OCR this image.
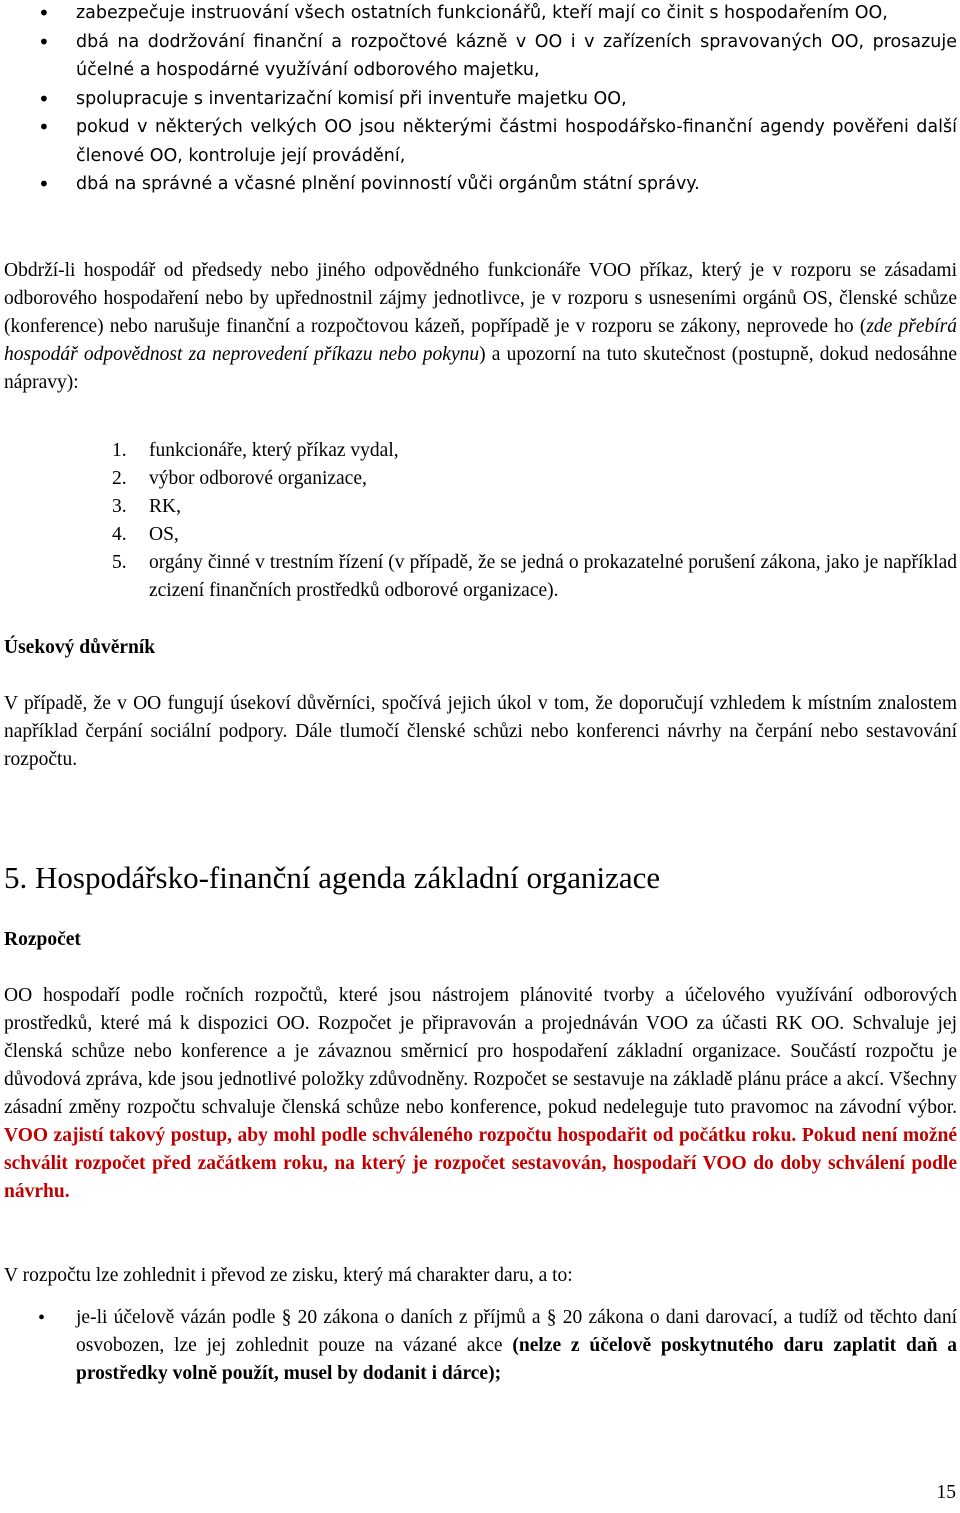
• zabezpečuje instruování všech ostatních funkcionářů, kteří mají co činit s hospodařením OO,
• dbá na dodržování finanční a rozpočtové kázně v OO i v zařízeních spravovaných OO, prosazuje účelné a hospodárné využívání odborového majetku,
• spolupracuje s inventarizační komisí při inventuře majetku OO,
• pokud v některých velkých OO jsou některými částmi hospodářsko-finanční agendy pověřeni další členové OO, kontroluje její provádění,
• dbá na správné a včasné plnění povinností vůči orgánům státní správy.

Obdrží-li hospodář od předsedy nebo jiného odpovědného funkcionáře VOO příkaz, který je v rozporu se zásadami odborového hospodaření nebo by upřednostnil zájmy jednotlivce, je v rozporu s usneseními orgánů OS, členské schůze (konference) nebo narušuje finanční a rozpočtovou kázeň, popřípadě je v rozporu se zákony, neprovede ho (zde přebírá hospodář odpovědnost za neprovedení příkazu nebo pokynu) a upozorní na tuto skutečnost (postupně, dokud nedosáhne nápravy):

1. funkcionáře, který příkaz vydal,
2. výbor odborové organizace,
3. RK,
4. OS,
5. orgány činné v trestním řízení (v případě, že se jedná o prokazatelné porušení zákona, jako je například zcizení finančních prostředků odborové organizace).
Úsekový důvěrník

V případě, že v OO fungují úsekoví důvěrníci, spočívá jejich úkol v tom, že doporučují vzhledem k místním znalostem například čerpání sociální podpory. Dále tlumočí členské schůzi nebo konferenci návrhy na čerpání nebo sestavování rozpočtu.

5. Hospodářsko-finanční agenda základní organizace
Rozpočet

OO hospodaří podle ročních rozpočtů, které jsou nástrojem plánovité tvorby a účelového využívání odborových prostředků, které má k dispozici OO. Rozpočet je připravován a projednáván VOO za účasti RK OO. Schvaluje jej členská schůze nebo konference a je závaznou směrnicí pro hospodaření základní organizace. Součástí rozpočtu je důvodová zpráva, kde jsou jednotlivé položky zdůvodněny. Rozpočet se sestavuje na základě plánu práce a akcí. Všechny zásadní změny rozpočtu schvaluje členská schůze nebo konference, pokud nedeleguje tuto pravomoc na závodní výbor. VOO zajistí takový postup, aby mohl podle schváleného rozpočtu hospodařit od počátku roku. Pokud není možné schválit rozpočet před začátkem roku, na který je rozpočet sestavován, hospodaří VOO do doby schválení podle návrhu.

V rozpočtu lze zohlednit i převod ze zisku, který má charakter daru, a to:

• je-li účelově vázán podle § 20 zákona o daních z příjmů a § 20 zákona o dani darovací, a tudíž od těchto daní osvobozen, lze jej zohlednit pouze na vázané akce (nelze z účelově poskytnutého daru zaplatit daň a prostředky volně použít, musel by dodanit i dárce);
15
